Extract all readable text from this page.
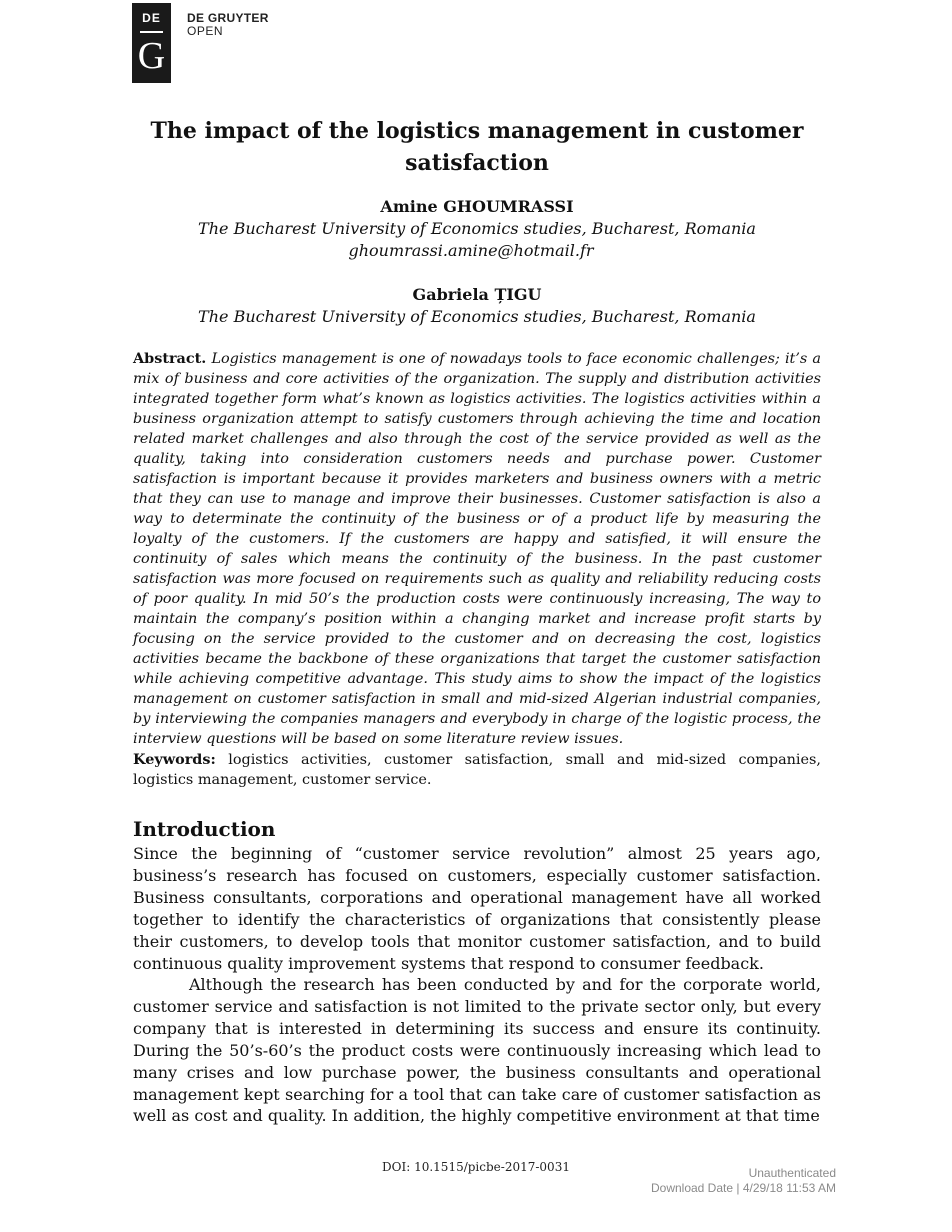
DE
G
DE GRUYTER
OPEN
The impact of the logistics management in customer satisfaction
Amine GHOUMRASSI
The Bucharest University of Economics studies, Bucharest, Romania
ghoumrassi.amine@hotmail.fr
Gabriela ȚIGU
The Bucharest University of Economics studies, Bucharest, Romania

Abstract. Logistics management is one of nowadays tools to face economic challenges; it’s a mix of business and core activities of the organization. The supply and distribution activities integrated together form what’s known as logistics activities. The logistics activities within a business organization attempt to satisfy customers through achieving the time and location related market challenges and also through the cost of the service provided as well as the quality, taking into consideration customers needs and purchase power. Customer satisfaction is important because it provides marketers and business owners with a metric that they can use to manage and improve their businesses. Customer satisfaction is also a way to determinate the continuity of the business or of a product life by measuring the loyalty of the customers. If the customers are happy and satisfied, it will ensure the continuity of sales which means the continuity of the business. In the past customer satisfaction was more focused on requirements such as quality and reliability reducing costs of poor quality. In mid 50’s the production costs were continuously increasing, The way to maintain the company’s position within a changing market and increase profit starts by focusing on the service provided to the customer and on decreasing the cost, logistics activities became the backbone of these organizations that target the customer satisfaction while achieving competitive advantage. This study aims to show the impact of the logistics management on customer satisfaction in small and mid-sized Algerian industrial companies, by interviewing the companies managers and everybody in charge of the logistic process, the interview questions will be based on some literature review issues.

Keywords: logistics activities, customer satisfaction, small and mid-sized companies, logistics management, customer service.

Introduction

Since the beginning of “customer service revolution” almost 25 years ago, business’s research has focused on customers, especially customer satisfaction. Business consultants, corporations and operational management have all worked together to identify the characteristics of organizations that consistently please their customers, to develop tools that monitor customer satisfaction, and to build continuous quality improvement systems that respond to consumer feedback.

Although the research has been conducted by and for the corporate world, customer service and satisfaction is not limited to the private sector only, but every company that is interested in determining its success and ensure its continuity. During the 50’s-60’s the product costs were continuously increasing which lead to many crises and low purchase power, the business consultants and operational management kept searching for a tool that can take care of customer satisfaction as well as cost and quality. In addition, the highly competitive environment at that time

DOI: 10.1515/picbe-2017-0031	Unauthenticated
Download Date | 4/29/18 11:53 AM
